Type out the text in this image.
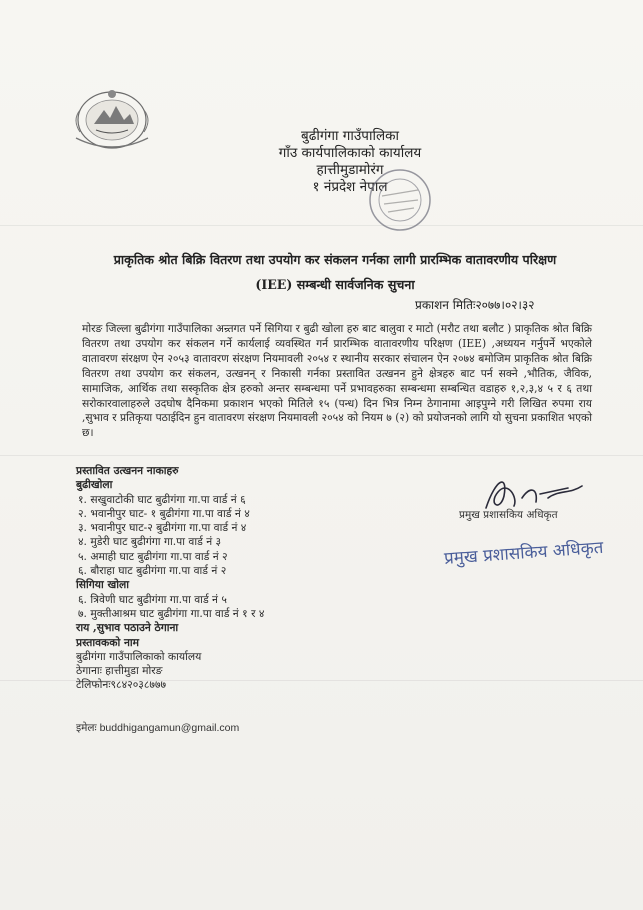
बुढीगंगा गाउँपालिका
गाँउ कार्यपालिकाको कार्यालय
हात्तीमुडामोरंग
१ नंप्रदेश नेपाल
प्राकृतिक श्रोत बिक्रि वितरण तथा उपयोग कर संकलन गर्नका लागी प्रारम्भिक वातावरणीय परिक्षण
(IEE) सम्बन्धी सार्वजनिक सुचना
प्रकाशन मितिः२०७७।०२।३२
मोरङ जिल्ला बुढीगंगा गाउँपालिका अन्र्तगत पर्ने सिगिया र बुढी खोला हरु बाट बालुवा र माटो (मरौट तथा बलौट ) प्राकृतिक श्रोत बिक्रि वितरण तथा उपयोग कर संकलन गर्ने कार्यलाई व्यवस्थित गर्न प्रारम्भिक वातावरणीय परिक्षण (IEE) ,अध्ययन गर्नुपर्ने भएकोले वातावरण संरक्षण ऐन २०५३ वातावरण संरक्षण नियमावली २०५४ र स्थानीय सरकार संचालन ऐन २०७४ बमोजिम प्राकृतिक श्रोत बिक्रि वितरण तथा उपयोग कर संकलन, उत्खनन् र निकासी गर्नका प्रस्तावित उत्खनन हुने क्षेत्रहरु बाट पर्न सक्ने ,भौतिक, जैविक, सामाजिक, आर्थिक तथा सस्कृतिक क्षेत्र हरुको अन्तर सम्बन्धमा पर्ने प्रभावहरुका सम्बन्धमा सम्बन्धित वडाहरु १,२,३,४ ५ र ६ तथा सरोकारवालाहरुले उदघोष दैनिकमा प्रकाशन भएको मितिले १५ (पन्ध) दिन भित्र निम्न ठेगानामा आइपुग्ने गरी लिखित रुपमा राय ,सुभाव र प्रतिकृया पठाईदिन हुन वातावरण संरक्षण नियमावली २०५४ को नियम ७ (२) को प्रयोजनको लागि यो सुचना प्रकाशित भएको छ।
प्रस्तावित उत्खनन नाकाहरु
बुढीखोला
१. सखुवाटोकी घाट बुढीगंगा गा.पा वार्ड नं ६
२. भवानीपुर घाट- १ बुढीगंगा गा.पा वार्ड नं ४
३. भवानीपुर घाट-२ बुढीगंगा गा.पा वार्ड नं ४
४. मुडेरी घाट बुढीगंगा गा.पा वार्ड नं ३
५. अमाही घाट बुढीगंगा गा.पा वार्ड नं २
६. बौराहा घाट बुढीगंगा गा.पा वार्ड नं २
सिगिया खोला
६. त्रिवेणी घाट बुढीगंगा गा.पा वार्ड नं ५
७. मुक्तीआश्रम घाट बुढीगंगा गा.पा वार्ड नं १ र ४
राय ,सुभाव पठाउने ठेगाना
प्रस्तावकको नाम
बुढीगंगा गाउँपालिकाको कार्यालय
ठेगानाः हात्तीमुडा मोरङ
टेलिफोनः९८४२०३८७७७
इमेलः buddhigangamun@gmail.com
प्रमुख प्रशासकिय अधिकृत
प्रमुख प्रशासकिय अधिकृत
